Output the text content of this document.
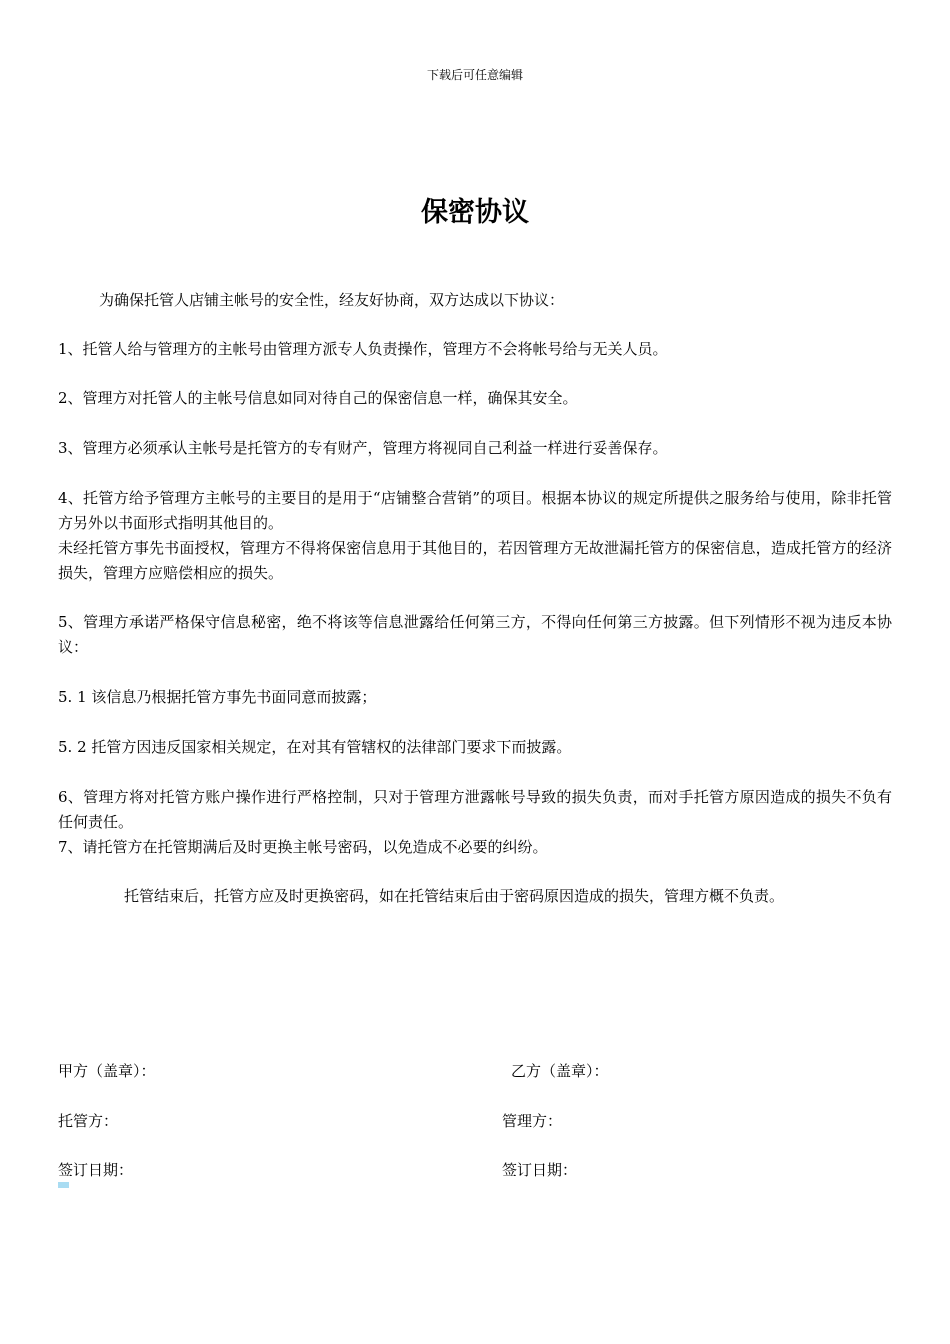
下载后可任意编辑
保密协议
为确保托管人店铺主帐号的安全性，经友好协商，双方达成以下协议：
1、托管人给与管理方的主帐号由管理方派专人负责操作，管理方不会将帐号给与无关人员。
2、管理方对托管人的主帐号信息如同对待自己的保密信息一样，确保其安全。
3、管理方必须承认主帐号是托管方的专有财产，管理方将视同自己利益一样进行妥善保存。
4、托管方给予管理方主帐号的主要目的是用于“店铺整合营销”的项目。根据本协议的规定所提供之服务给与使用，除非托管方另外以书面形式指明其他目的。
未经托管方事先书面授权，管理方不得将保密信息用于其他目的，若因管理方无故泄漏托管方的保密信息，造成托管方的经济损失，管理方应赔偿相应的损失。
5、管理方承诺严格保守信息秘密，绝不将该等信息泄露给任何第三方，不得向任何第三方披露。但下列情形不视为违反本协议：
5. 1 该信息乃根据托管方事先书面同意而披露；
5. 2 托管方因违反国家相关规定，在对其有管辖权的法律部门要求下而披露。
6、管理方将对托管方账户操作进行严格控制，只对于管理方泄露帐号导致的损失负责，而对手托管方原因造成的损失不负有任何责任。
7、请托管方在托管期满后及时更换主帐号密码，以免造成不必要的纠纷。
托管结束后，托管方应及时更换密码，如在托管结束后由于密码原因造成的损失，管理方概不负责。
甲方（盖章）：	乙方（盖章）：
托管方：	管理方：
签订日期：	签订日期：
